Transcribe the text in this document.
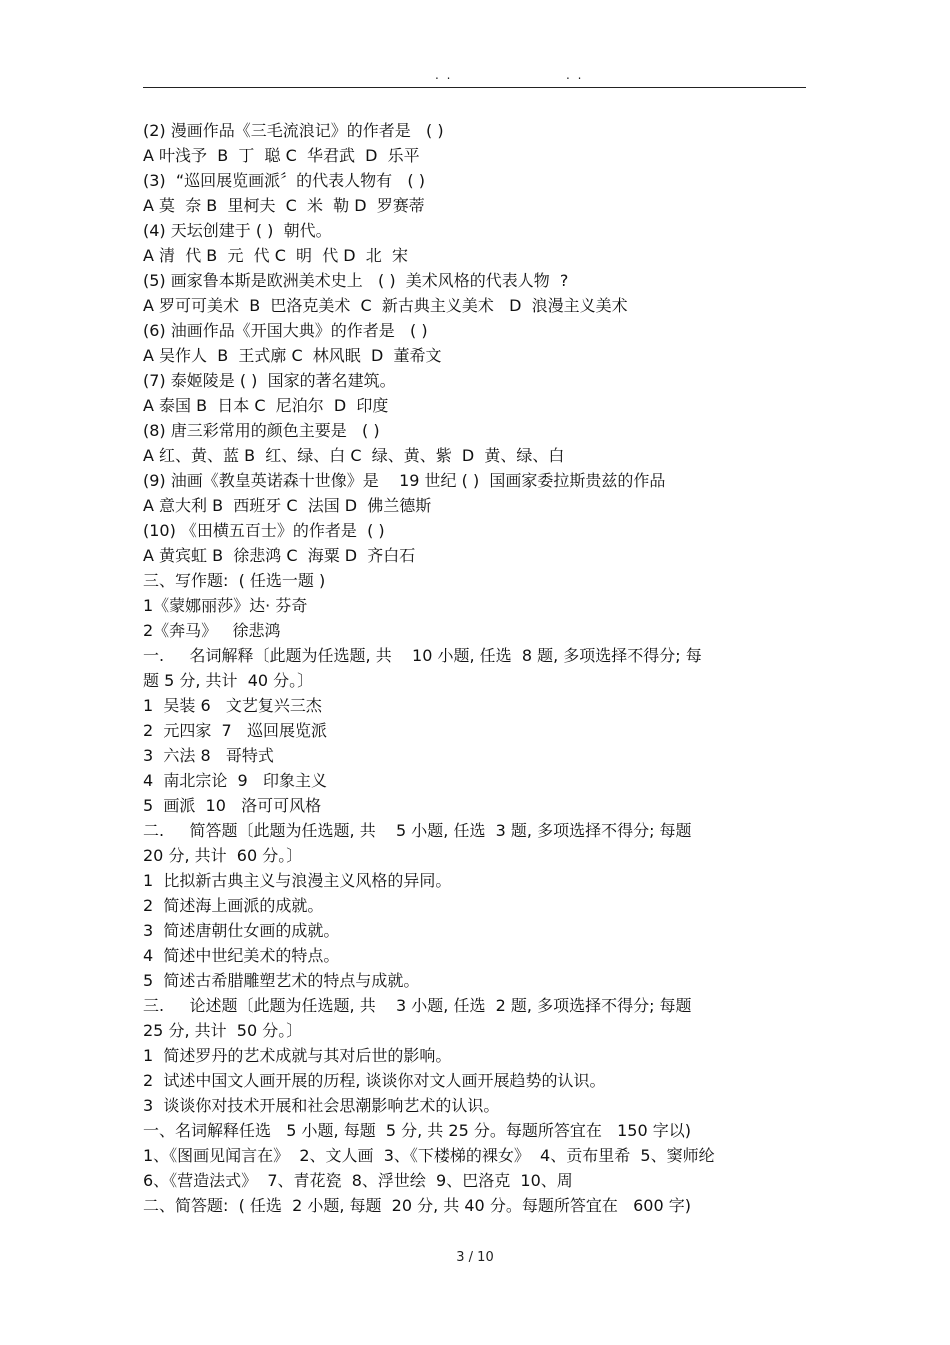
. .	. .
(2) 漫画作品《三毛流浪记》的作者是   ( )
A 叶浅予  B  丁  聪 C  华君武  D  乐平
(3)  “巡回展览画派〞的代表人物有   ( )
A 莫  奈 B  里柯夫  C  米  勒 D  罗赛蒂
(4) 天坛创建于 ( )  朝代。
A 清  代 B  元  代 C  明  代 D  北  宋
(5) 画家鲁本斯是欧洲美术史上   ( )  美术风格的代表人物  ?
A 罗可可美术  B  巴洛克美术  C  新古典主义美术   D  浪漫主义美术
(6) 油画作品《开国大典》的作者是   ( )
A 吴作人  B  王式廓 C  林风眠  D  董希文
(7) 泰姬陵是 ( )  国家的著名建筑。
A 泰国 B  日本 C  尼泊尔  D  印度
(8) 唐三彩常用的颜色主要是   ( )
A 红、黄、蓝 B  红、绿、白 C  绿、黄、紫  D  黄、绿、白
(9) 油画《教皇英诺森十世像》是    19 世纪 ( )  国画家委拉斯贵兹的作品
A 意大利 B  西班牙 C  法国 D  佛兰德斯
(10) 《田横五百士》的作者是  ( )
A 黄宾虹 B  徐悲鸿 C  海粟 D  齐白石
三、写作题:  ( 任选一题 )
1《蒙娜丽莎》达· 芬奇
2《奔马》   徐悲鸿
一.     名词解释〔此题为任选题, 共    10 小题, 任选  8 题, 多项选择不得分; 每
题 5 分, 共计  40 分。〕
1  吴装 6   文艺复兴三杰
2  元四家  7   巡回展览派
3  六法 8   哥特式
4  南北宗论  9   印象主义
5  画派  10   洛可可风格
二.     简答题〔此题为任选题, 共    5 小题, 任选  3 题, 多项选择不得分; 每题
20 分, 共计  60 分。〕
1  比拟新古典主义与浪漫主义风格的异同。
2  简述海上画派的成就。
3  简述唐朝仕女画的成就。
4  简述中世纪美术的特点。
5  简述古希腊雕塑艺术的特点与成就。
三.     论述题〔此题为任选题, 共    3 小题, 任选  2 题, 多项选择不得分; 每题
25 分, 共计  50 分。〕
1  简述罗丹的艺术成就与其对后世的影响。
2  试述中国文人画开展的历程, 谈谈你对文人画开展趋势的认识。
3  谈谈你对技术开展和社会思潮影响艺术的认识。
一、名词解释任选   5 小题, 每题  5 分, 共 25 分。每题所答宜在   150 字以)
1、《图画见闻言在》  2、文人画  3、《下楼梯的裸女》  4、贡布里希  5、窦师纶
6、《营造法式》  7、青花瓷  8、浮世绘  9、巴洛克  10、周
二、简答题:  ( 任选  2 小题, 每题  20 分, 共 40 分。每题所答宜在   600 字)
3 / 10
